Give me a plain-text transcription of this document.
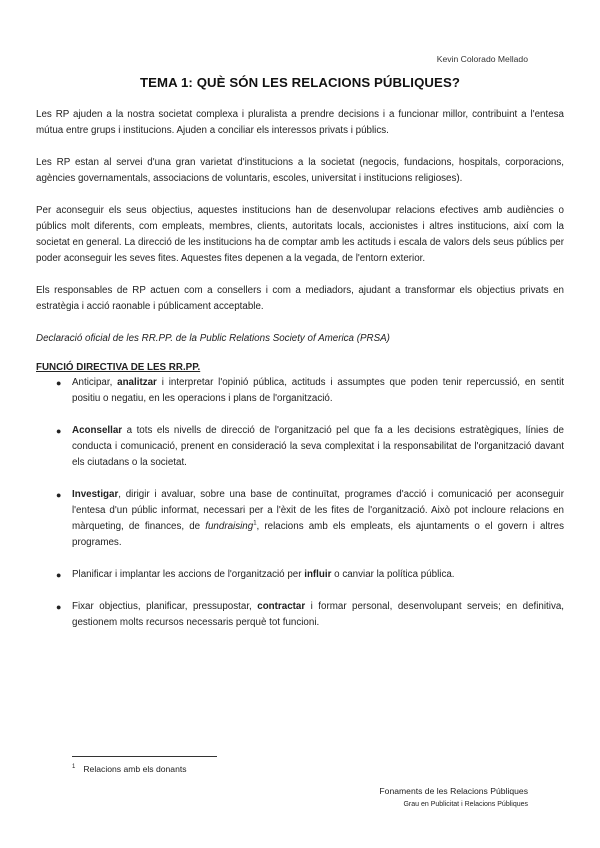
Kevin Colorado Mellado
TEMA 1: QUÈ SÓN LES RELACIONS PÚBLIQUES?

Les RP ajuden a la nostra societat complexa i pluralista a prendre decisions i a funcionar millor, contribuint a l'entesa mútua entre grups i institucions. Ajuden a conciliar els interessos privats i públics.

Les RP estan al servei d'una gran varietat d'institucions a la societat (negocis, fundacions, hospitals, corporacions, agències governamentals, associacions de voluntaris, escoles, universitat i institucions religioses).

Per aconseguir els seus objectius, aquestes institucions han de desenvolupar relacions efectives amb audiències o públics molt diferents, com empleats, membres, clients, autoritats locals, accionistes i altres institucions, així com la societat en general. La direcció de les institucions ha de comptar amb les actituds i escala de valors dels seus públics per poder aconseguir les seves fites. Aquestes fites depenen a la vegada, de l'entorn exterior.

Els responsables de RP actuen com a consellers i com a mediadors, ajudant a transformar els objectius privats en estratègia i acció raonable i públicament acceptable.

Declaració oficial de les RR.PP. de la Public Relations Society of America (PRSA)

FUNCIÓ DIRECTIVA DE LES RR.PP.
● Anticipar, analitzar i interpretar l'opinió pública, actituds i assumptes que poden tenir repercussió, en sentit positiu o negatiu, en les operacions i plans de l'organització.
● Aconsellar a tots els nivells de direcció de l'organització pel que fa a les decisions estratègiques, línies de conducta i comunicació, prenent en consideració la seva complexitat i la responsabilitat de l'organització davant els ciutadans o la societat.
● Investigar, dirigir i avaluar, sobre una base de continuïtat, programes d'acció i comunicació per aconseguir l'entesa d'un públic informat, necessari per a l'èxit de les fites de l'organització. Això pot incloure relacions en màrqueting, de finances, de fundraising$^1$, relacions amb els empleats, els ajuntaments o el govern i altres programes.
● Planificar i implantar les accions de l'organització per influir o canviar la política pública.
● Fixar objectius, planificar, pressupostar, contractar i formar personal, desenvolupant serveis; en definitiva, gestionem molts recursos necessaris perquè tot funcioni.
$^1$ Relacions amb els donants
Fonaments de les Relacions Públiques
Grau en Publicitat i Relacions Públiques
